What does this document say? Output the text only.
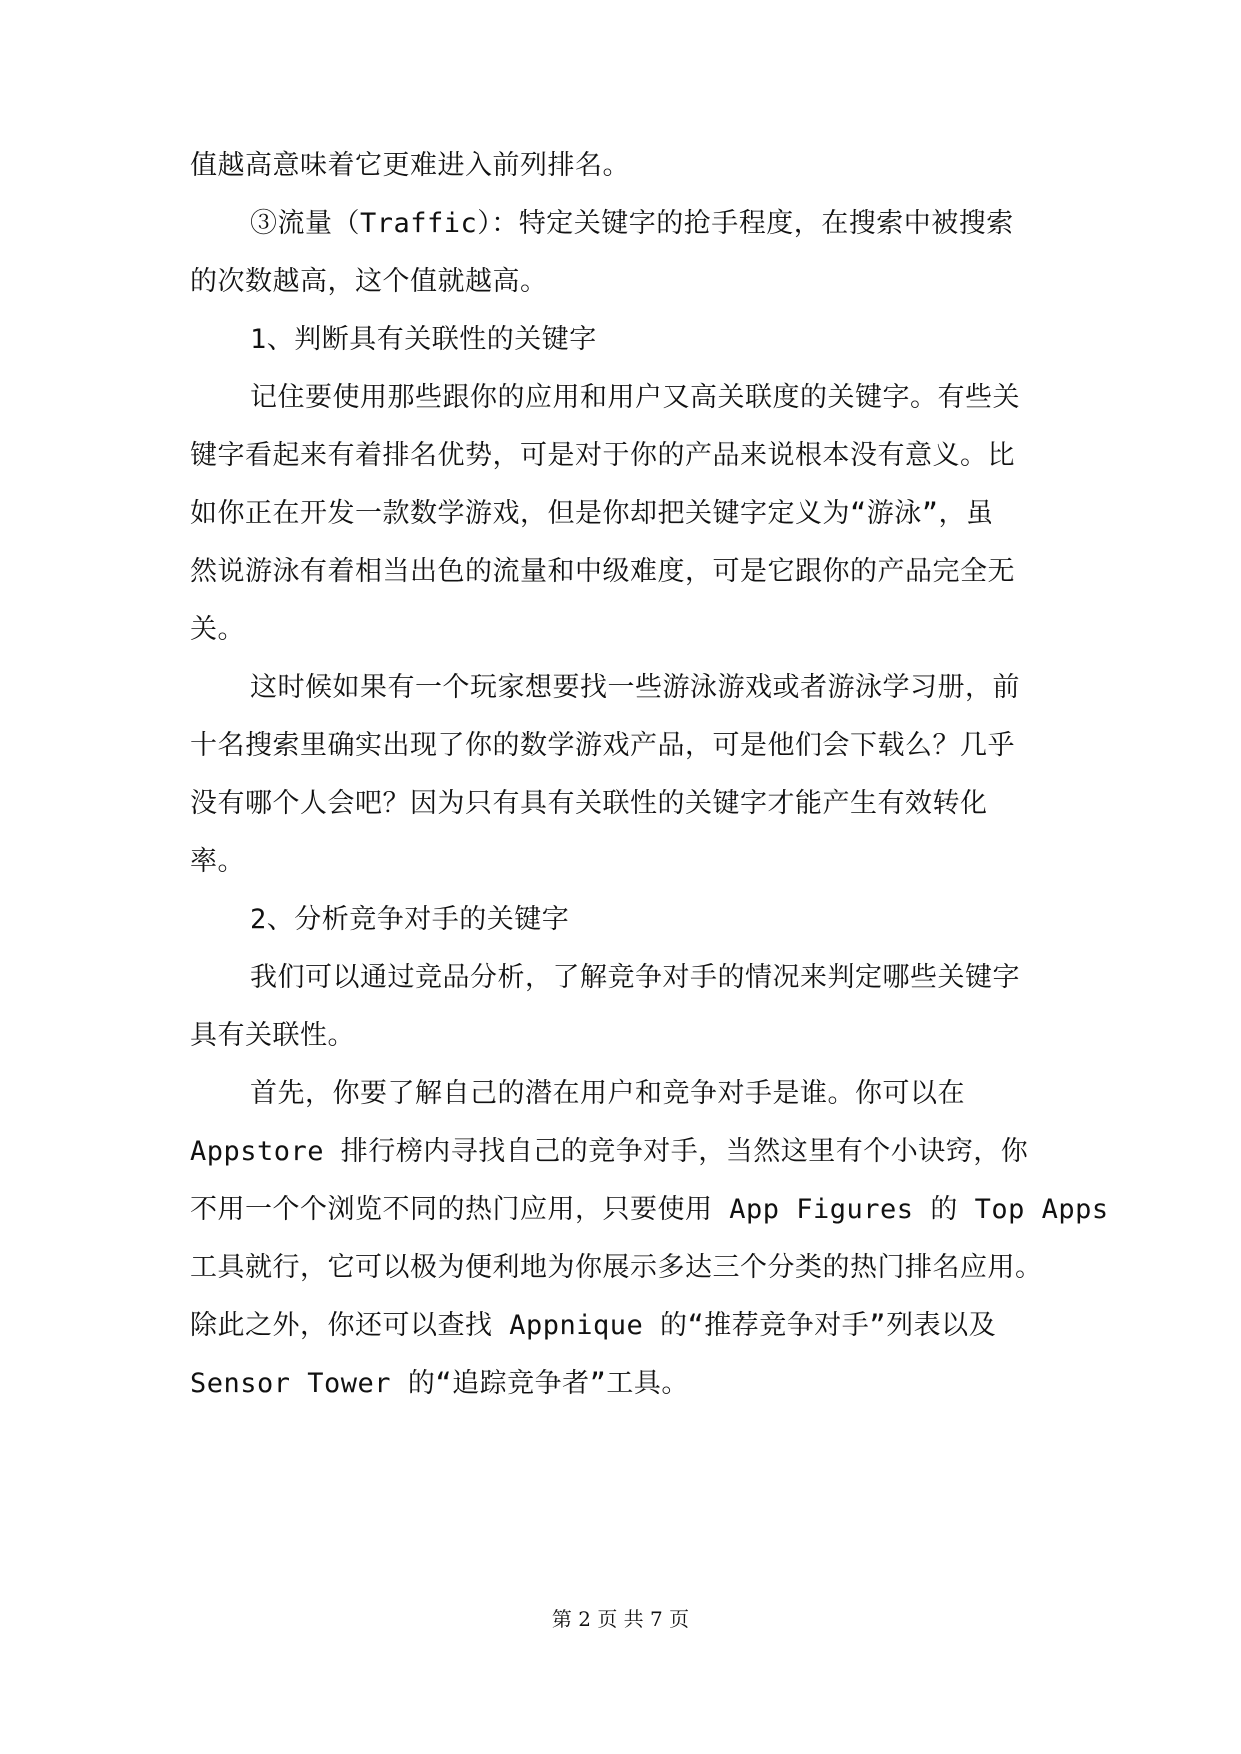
值越高意味着它更难进入前列排名。
③流量（Traffic）：特定关键字的抢手程度，在搜索中被搜索
的次数越高，这个值就越高。
1、判断具有关联性的关键字
记住要使用那些跟你的应用和用户又高关联度的关键字。有些关
键字看起来有着排名优势，可是对于你的产品来说根本没有意义。比
如你正在开发一款数学游戏，但是你却把关键字定义为“游泳”，虽
然说游泳有着相当出色的流量和中级难度，可是它跟你的产品完全无
关。
这时候如果有一个玩家想要找一些游泳游戏或者游泳学习册，前
十名搜索里确实出现了你的数学游戏产品，可是他们会下载么？几乎
没有哪个人会吧？因为只有具有关联性的关键字才能产生有效转化
率。
2、分析竞争对手的关键字
我们可以通过竞品分析，了解竞争对手的情况来判定哪些关键字
具有关联性。
首先，你要了解自己的潜在用户和竞争对手是谁。你可以在
Appstore 排行榜内寻找自己的竞争对手，当然这里有个小诀窍，你
不用一个个浏览不同的热门应用，只要使用 App Figures 的 Top Apps
工具就行，它可以极为便利地为你展示多达三个分类的热门排名应用。
除此之外，你还可以查找 Appnique 的“推荐竞争对手”列表以及
Sensor Tower 的“追踪竞争者”工具。
第 2 页 共 7 页
